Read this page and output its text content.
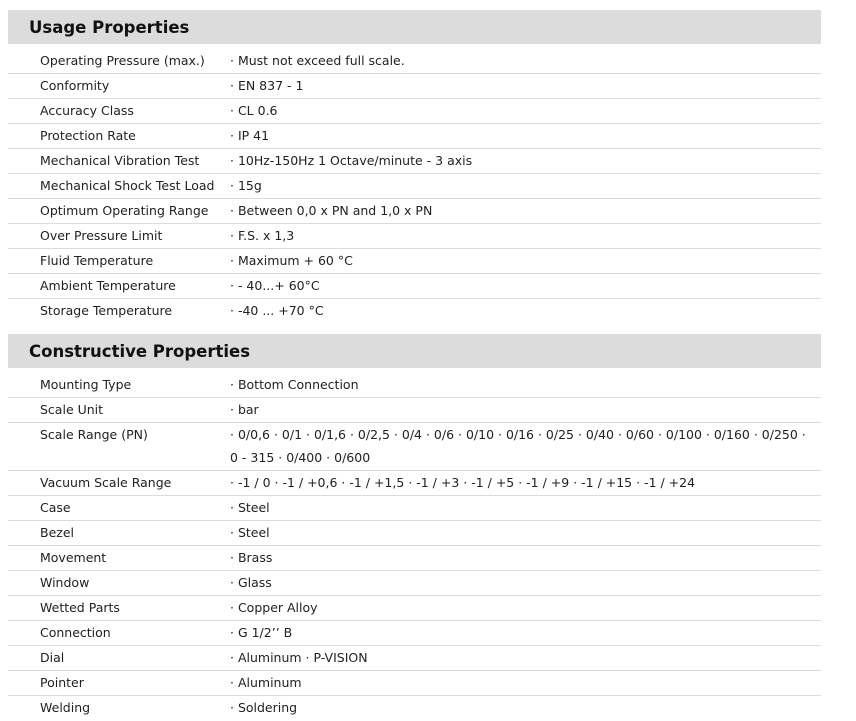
Usage Properties
Operating Pressure (max.)	· Must not exceed full scale.
Conformity	· EN 837 - 1
Accuracy Class	· CL 0.6
Protection Rate	· IP 41
Mechanical Vibration Test	· 10Hz-150Hz 1 Octave/minute - 3 axis
Mechanical Shock Test Load	· 15g
Optimum Operating Range	· Between 0,0 x PN and 1,0 x PN
Over Pressure Limit	· F.S. x 1,3
Fluid Temperature	· Maximum + 60 °C
Ambient Temperature	· - 40...+ 60°C
Storage Temperature	· -40 ... +70 °C
Constructive Properties
Mounting Type	· Bottom Connection
Scale Unit	· bar
Scale Range (PN)	· 0/0,6 · 0/1 · 0/1,6 · 0/2,5 · 0/4 · 0/6 · 0/10 · 0/16 · 0/25 · 0/40 · 0/60 · 0/100 · 0/160 · 0/250 · 0 - 315 · 0/400 · 0/600
Vacuum Scale Range	· -1 / 0 · -1 / +0,6 · -1 / +1,5 · -1 / +3 · -1 / +5 · -1 / +9 · -1 / +15 · -1 / +24
Case	· Steel
Bezel	· Steel
Movement	· Brass
Window	· Glass
Wetted Parts	· Copper Alloy
Connection	· G 1/2’’ B
Dial	· Aluminum · P-VISION
Pointer	· Aluminum
Welding	· Soldering
